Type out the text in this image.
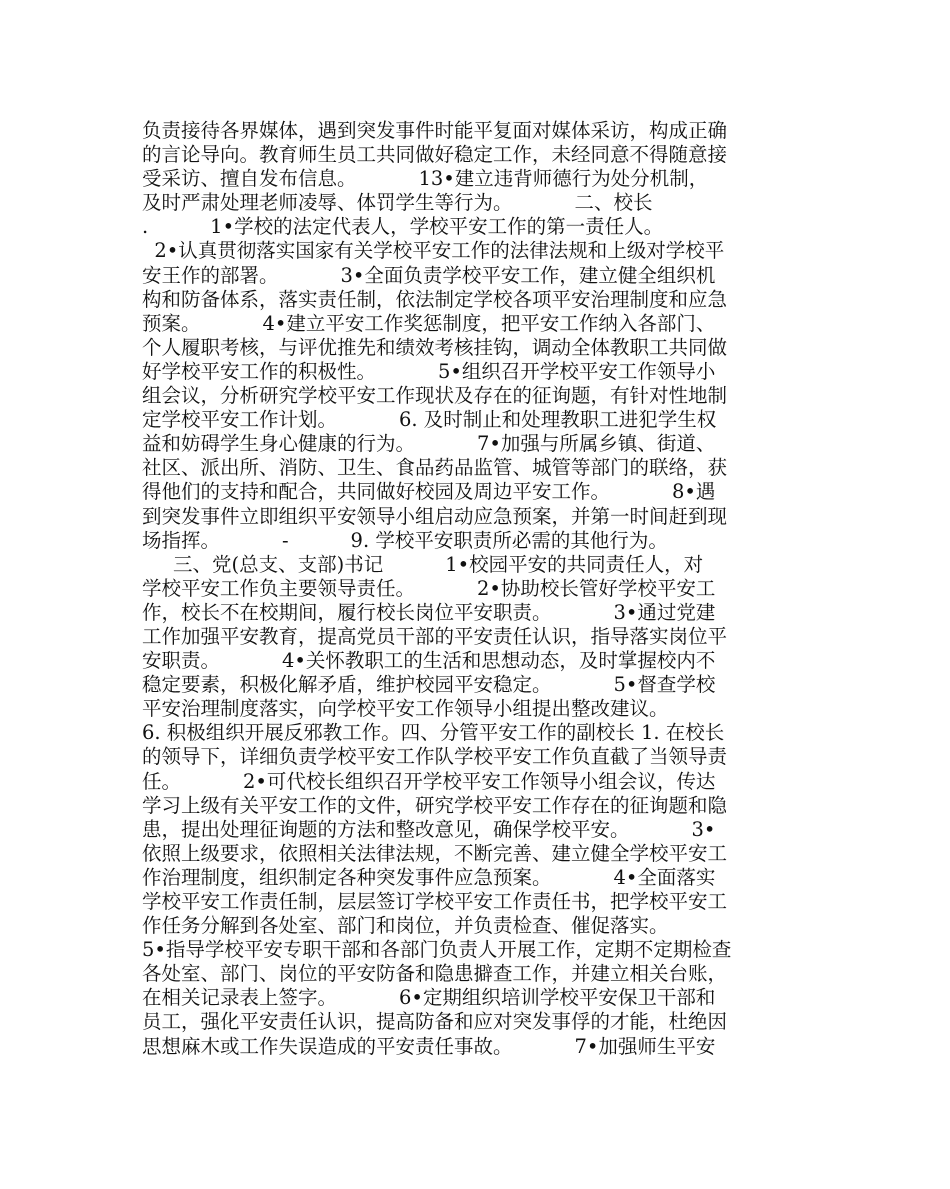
负责接待各界媒体，遇到突发事件时能平复面对媒体采访，构成正确
的言论导向。教育师生员工共同做好稳定工作，未经同意不得随意接
受采访、擅自发布信息。          13•建立违背师德行为处分机制，
及时严肃处理老师凌辱、体罚学生等行为。          二、校长
.          1•学校的法定代表人，学校平安工作的第一责任人。
2•认真贯彻落实国家有关学校平安工作的法律法规和上级对学校平
安王作的部署。          3•全面负责学校平安工作，建立健全组织机
构和防备体系，落实责任制，依法制定学校各项平安治理制度和应急
预案。          4•建立平安工作奖惩制度，把平安工作纳入各部门、
个人履职考核，与评优推先和绩效考核挂钩，调动全体教职工共同做
好学校平安工作的积极性。          5•组织召开学校平安工作领导小
组会议，分析研究学校平安工作现状及存在的征询题，有针对性地制
定学校平安工作计划。          6. 及时制止和处理教职工进犯学生权
益和妨碍学生身心健康的行为。          7•加强与所属乡镇、街道、
社区、派出所、消防、卫生、食品药品监管、城管等部门的联络，获
得他们的支持和配合，共同做好校园及周边平安工作。          8•遇
到突发事件立即组织平安领导小组启动应急预案，并第一时间赶到现
场指挥。          -          9. 学校平安职责所必需的其他行为。
三、党(总支、支部)书记          1•校园平安的共同责任人，对
学校平安工作负主要领导责任。          2•协助校长管好学校平安工
作，校长不在校期间，履行校长岗位平安职责。          3•通过党建
工作加强平安教育，提高党员干部的平安责任认识，指导落实岗位平
安职责。          4•关怀教职工的生活和思想动态，及时掌握校内不
稳定要素，积极化解矛盾，维护校园平安稳定。          5•督查学校
平安治理制度落实，向学校平安工作领导小组提出整改建议。
6. 积极组织开展反邪教工作。四、分管平安工作的副校长 1. 在校长
的领导下，详细负责学校平安工作队学校平安工作负直截了当领导责
任。          2•可代校长组织召开学校平安工作领导小组会议，传达
学习上级有关平安工作的文件，研究学校平安工作存在的征询题和隐
患，提出处理征询题的方法和整改意见，确保学校平安。          3•
依照上级要求，依照相关法律法规，不断完善、建立健全学校平安工
作治理制度，组织制定各种突发事件应急预案。          4•全面落实
学校平安工作责任制，层层签订学校平安工作责任书，把学校平安工
作任务分解到各处室、部门和岗位，并负责检查、催促落实。
5•指导学校平安专职干部和各部门负责人开展工作，定期不定期检查
各处室、部门、岗位的平安防备和隐患擗查工作，并建立相关台账，
在相关记录表上签字。          6•定期组织培训学校平安保卫干部和
员工，强化平安责任认识，提高防备和应对突发事俘的才能，杜绝因
思想麻木或工作失误造成的平安责任事故。          7•加强师生平安
